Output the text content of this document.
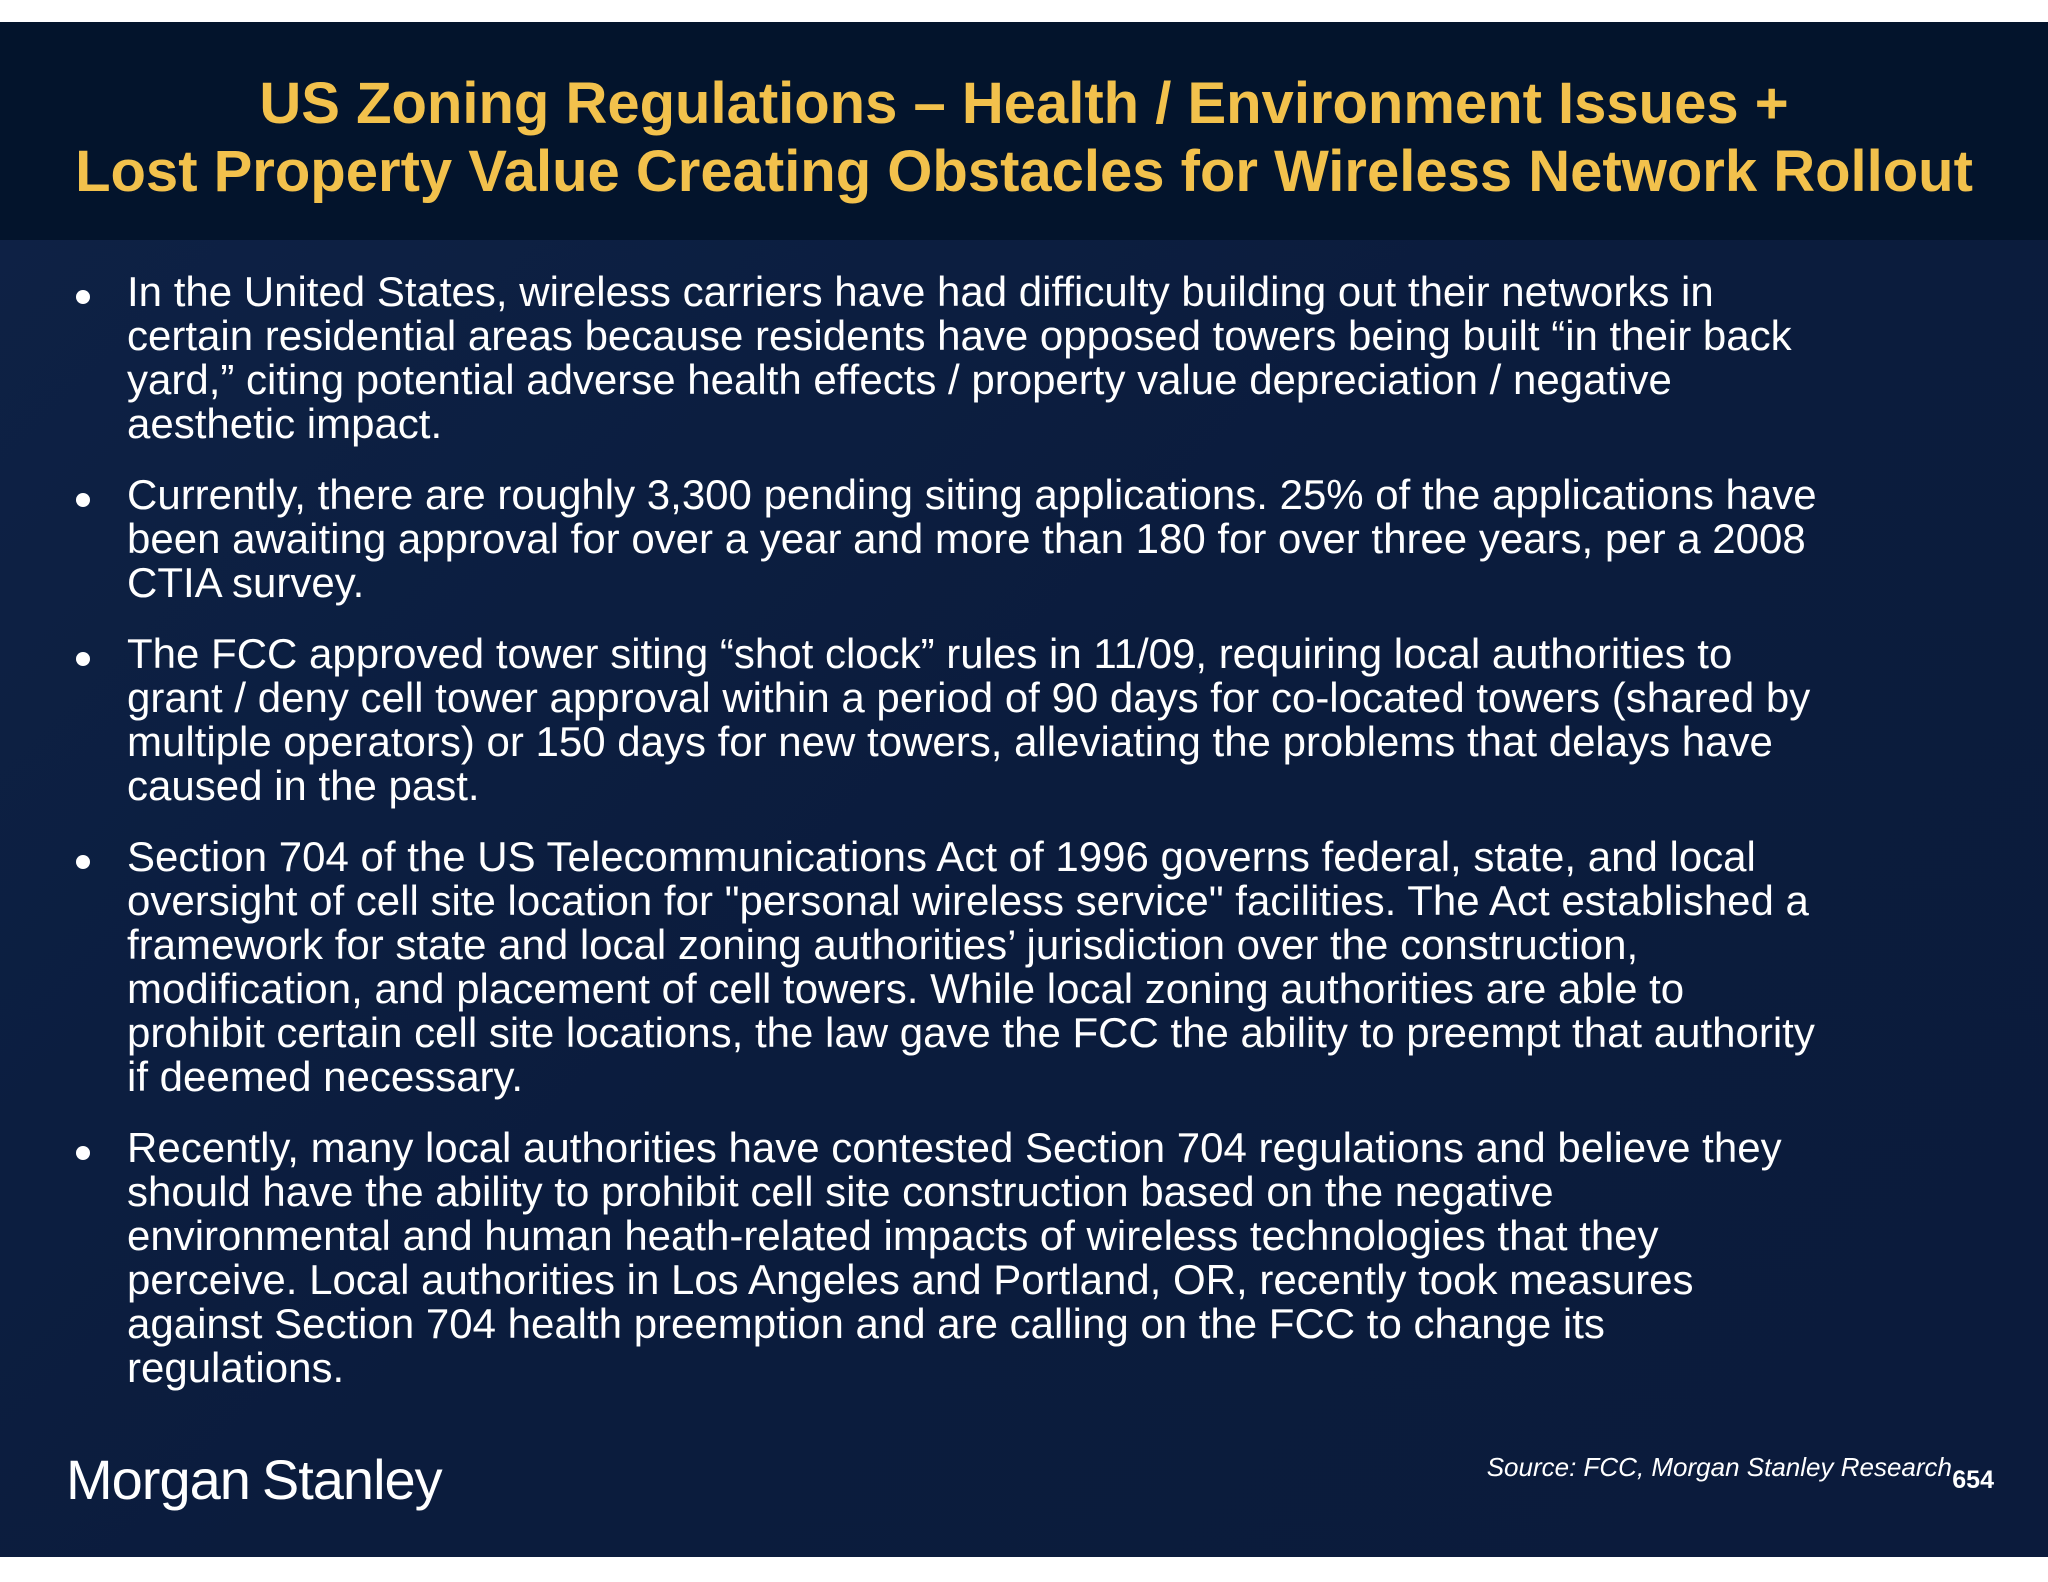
US Zoning Regulations – Health / Environment Issues +
Lost Property Value Creating Obstacles for Wireless Network Rollout
In the United States, wireless carriers have had difficulty building out their networks in
certain residential areas because residents have opposed towers being built “in their back
yard,” citing potential adverse health effects / property value depreciation / negative
aesthetic impact.
Currently, there are roughly 3,300 pending siting applications. 25% of the applications have
been awaiting approval for over a year and more than 180 for over three years, per a 2008
CTIA survey.
The FCC approved tower siting “shot clock” rules in 11/09, requiring local authorities to
grant / deny cell tower approval within a period of 90 days for co-located towers (shared by
multiple operators) or 150 days for new towers, alleviating the problems that delays have
caused in the past.
Section 704 of the US Telecommunications Act of 1996 governs federal, state, and local
oversight of cell site location for "personal wireless service" facilities. The Act established a
framework for state and local zoning authorities’ jurisdiction over the construction,
modification, and placement of cell towers. While local zoning authorities are able to
prohibit certain cell site locations, the law gave the FCC the ability to preempt that authority
if deemed necessary.
Recently, many local authorities have contested Section 704 regulations and believe they
should have the ability to prohibit cell site construction based on the negative
environmental and human heath-related impacts of wireless technologies that they
perceive. Local authorities in Los Angeles and Portland, OR, recently took measures
against Section 704 health preemption and are calling on the FCC to change its
regulations.
Morgan Stanley	Source: FCC, Morgan Stanley Research 654
